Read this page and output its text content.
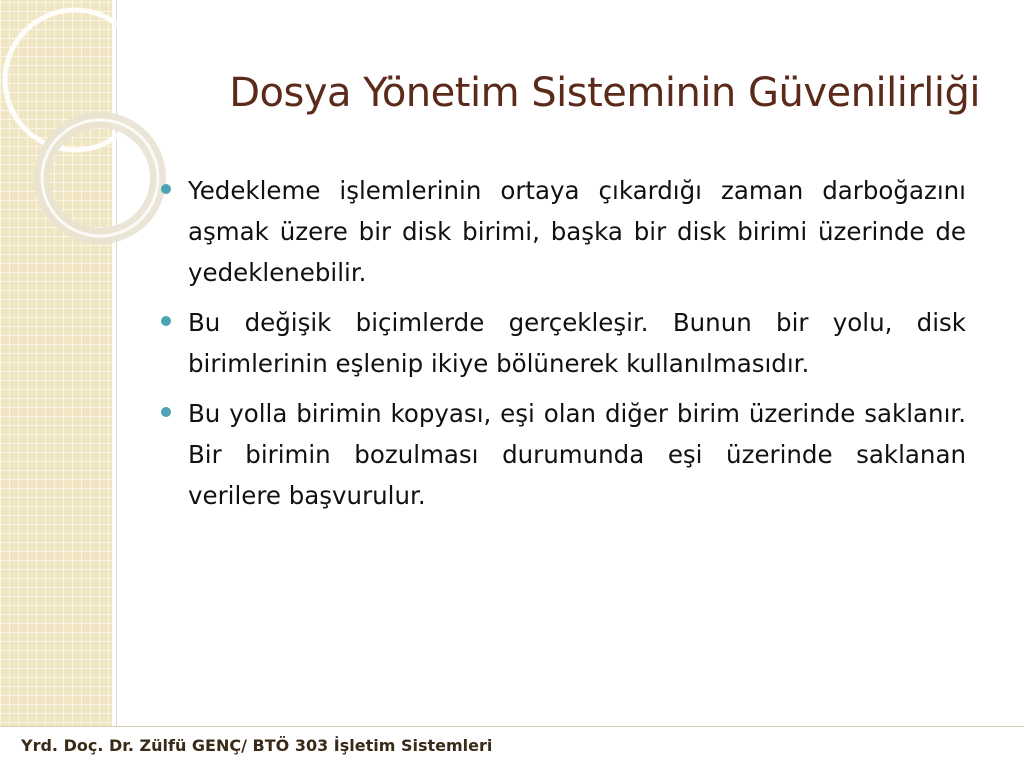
Dosya Yönetim Sisteminin Güvenilirliği
Yedekleme işlemlerinin ortaya çıkardığı zaman darboğazını aşmak üzere bir disk birimi, başka bir disk birimi üzerinde de yedeklenebilir.
Bu değişik biçimlerde gerçekleşir. Bunun bir yolu, disk birimlerinin eşlenip ikiye bölünerek kullanılmasıdır.
Bu yolla birimin kopyası, eşi olan diğer birim üzerinde saklanır. Bir birimin bozulması durumunda eşi üzerinde saklanan verilere başvurulur.
Yrd. Doç. Dr. Zülfü GENÇ/ BTÖ 303 İşletim Sistemleri
